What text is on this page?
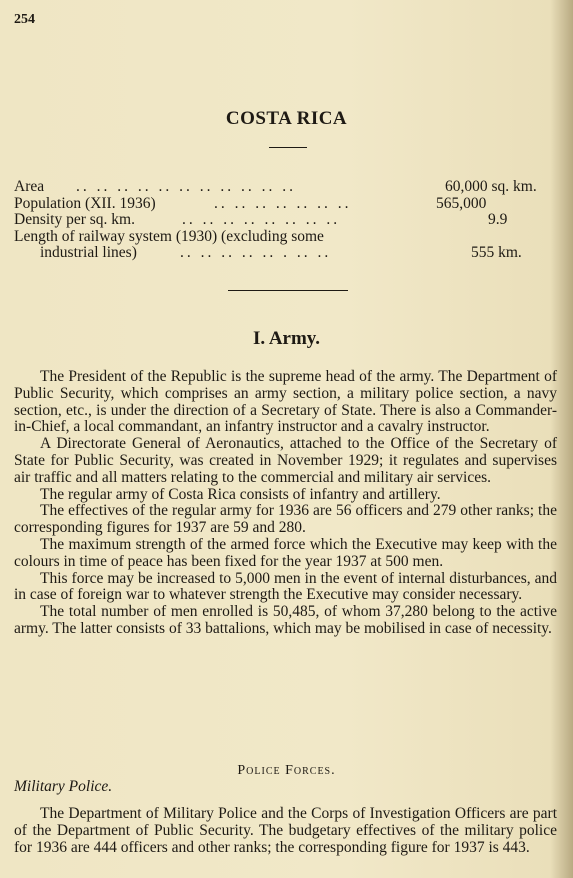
254
COSTA RICA
Area .. .. .. .. .. .. .. .. .. .. ..	60,000 sq. km.
Population (XII. 1936)	.. .. .. .. .. .. ..	565,000
Density per sq. km.	.. .. .. .. .. .. .. ..	9.9
Length of railway system (1930) (excluding some
industrial lines)	.. .. .. .. .. . .. ..	555 km.
I. Army.

The President of the Republic is the supreme head of the army. The Department of Public Security, which comprises an army section, a military police section, a navy section, etc., is under the direction of a Secretary of State. There is also a Commander-in-Chief, a local commandant, an infantry instructor and a cavalry instructor.

A Directorate General of Aeronautics, attached to the Office of the Secretary of State for Public Security, was created in November 1929; it regulates and supervises air traffic and all matters relating to the commercial and military air services.

The regular army of Costa Rica consists of infantry and artillery.

The effectives of the regular army for 1936 are 56 officers and 279 other ranks; the corresponding figures for 1937 are 59 and 280.

The maximum strength of the armed force which the Executive may keep with the colours in time of peace has been fixed for the year 1937 at 500 men.

This force may be increased to 5,000 men in the event of internal disturbances, and in case of foreign war to whatever strength the Executive may consider necessary.

The total number of men enrolled is 50,485, of whom 37,280 belong to the active army. The latter consists of 33 battalions, which may be mobilised in case of necessity.

Police Forces.
Military Police.

The Department of Military Police and the Corps of Investigation Officers are part of the Department of Public Security. The budgetary effectives of the military police for 1936 are 444 officers and other ranks; the corresponding figure for 1937 is 443.
